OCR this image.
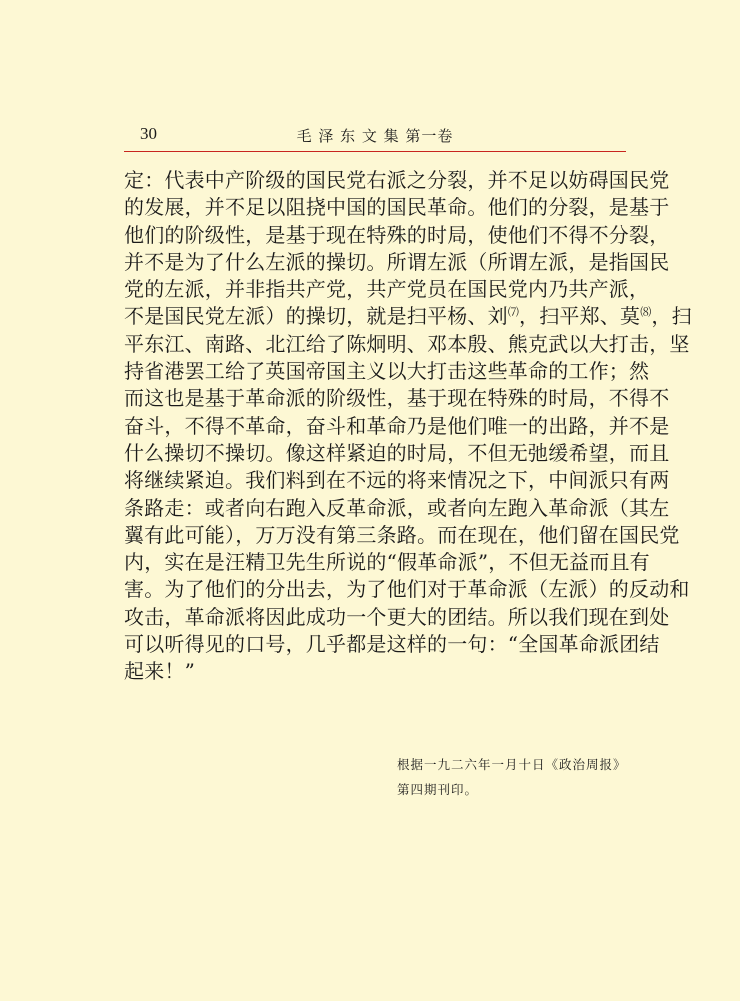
30	毛 泽 东 文 集 第一卷
定：代表中产阶级的国民党右派之分裂，并不足以妨碍国民党
的发展，并不足以阻挠中国的国民革命。他们的分裂，是基于
他们的阶级性，是基于现在特殊的时局，使他们不得不分裂，
并不是为了什么左派的操切。所谓左派（所谓左派，是指国民
党的左派，并非指共产党，共产党员在国民党内乃共产派，
不是国民党左派）的操切，就是扫平杨、刘⑺，扫平郑、莫⑻，扫
平东江、南路、北江给了陈炯明、邓本殷、熊克武以大打击，坚
持省港罢工给了英国帝国主义以大打击这些革命的工作；然
而这也是基于革命派的阶级性，基于现在特殊的时局，不得不
奋斗，不得不革命，奋斗和革命乃是他们唯一的出路，并不是
什么操切不操切。像这样紧迫的时局，不但无弛缓希望，而且
将继续紧迫。我们料到在不远的将来情况之下，中间派只有两
条路走：或者向右跑入反革命派，或者向左跑入革命派（其左
翼有此可能），万万没有第三条路。而在现在，他们留在国民党
内，实在是汪精卫先生所说的“假革命派”，不但无益而且有
害。为了他们的分出去，为了他们对于革命派（左派）的反动和
攻击，革命派将因此成功一个更大的团结。所以我们现在到处
可以听得见的口号，几乎都是这样的一句：“全国革命派团结
起来！”
根据一九二六年一月十日《政治周报》
第四期刊印。
